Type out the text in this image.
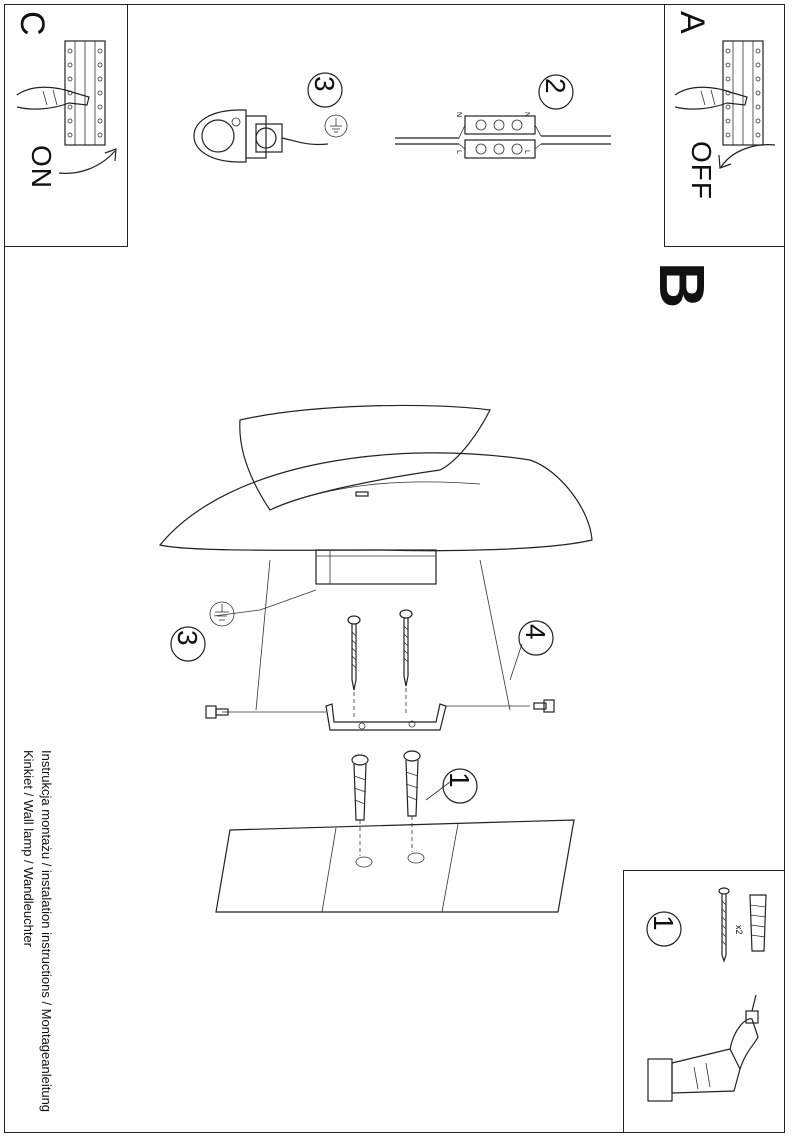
C
ON
A
OFF
3
N
L
N
L
2
B
3	4
1
Instrukcja montażu / instalation instructions / Montageanleitung
Kinkiet / Wall lamp / Wandleuchter	1	x2
